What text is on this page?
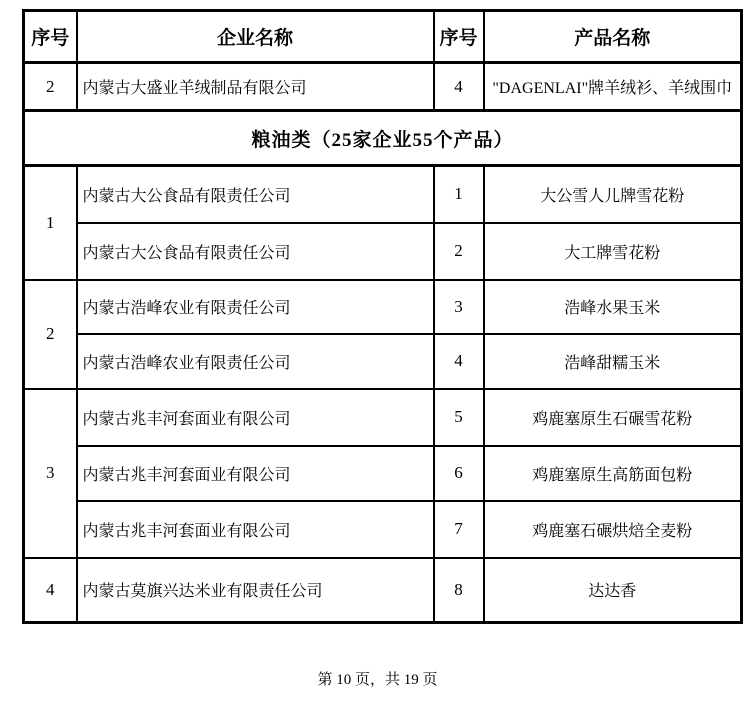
序号	企业名称	序号	产品名称
2	内蒙古大盛业羊绒制品有限公司	4	"DAGENLAI"牌羊绒衫、羊绒围巾
粮油类（25家企业55个产品）			
1	内蒙古大公食品有限责任公司	1	大公雪人儿牌雪花粉
	内蒙古大公食品有限责任公司	2	大工牌雪花粉
2	内蒙古浩峰农业有限责任公司	3	浩峰水果玉米
	内蒙古浩峰农业有限责任公司	4	浩峰甜糯玉米
3	内蒙古兆丰河套面业有限公司	5	鸡鹿塞原生石碾雪花粉
	内蒙古兆丰河套面业有限公司	6	鸡鹿塞原生高筋面包粉
	内蒙古兆丰河套面业有限公司	7	鸡鹿塞石碾烘焙全麦粉
4	内蒙古莫旗兴达米业有限责任公司	8	达达香
第 10 页，共 19 页
